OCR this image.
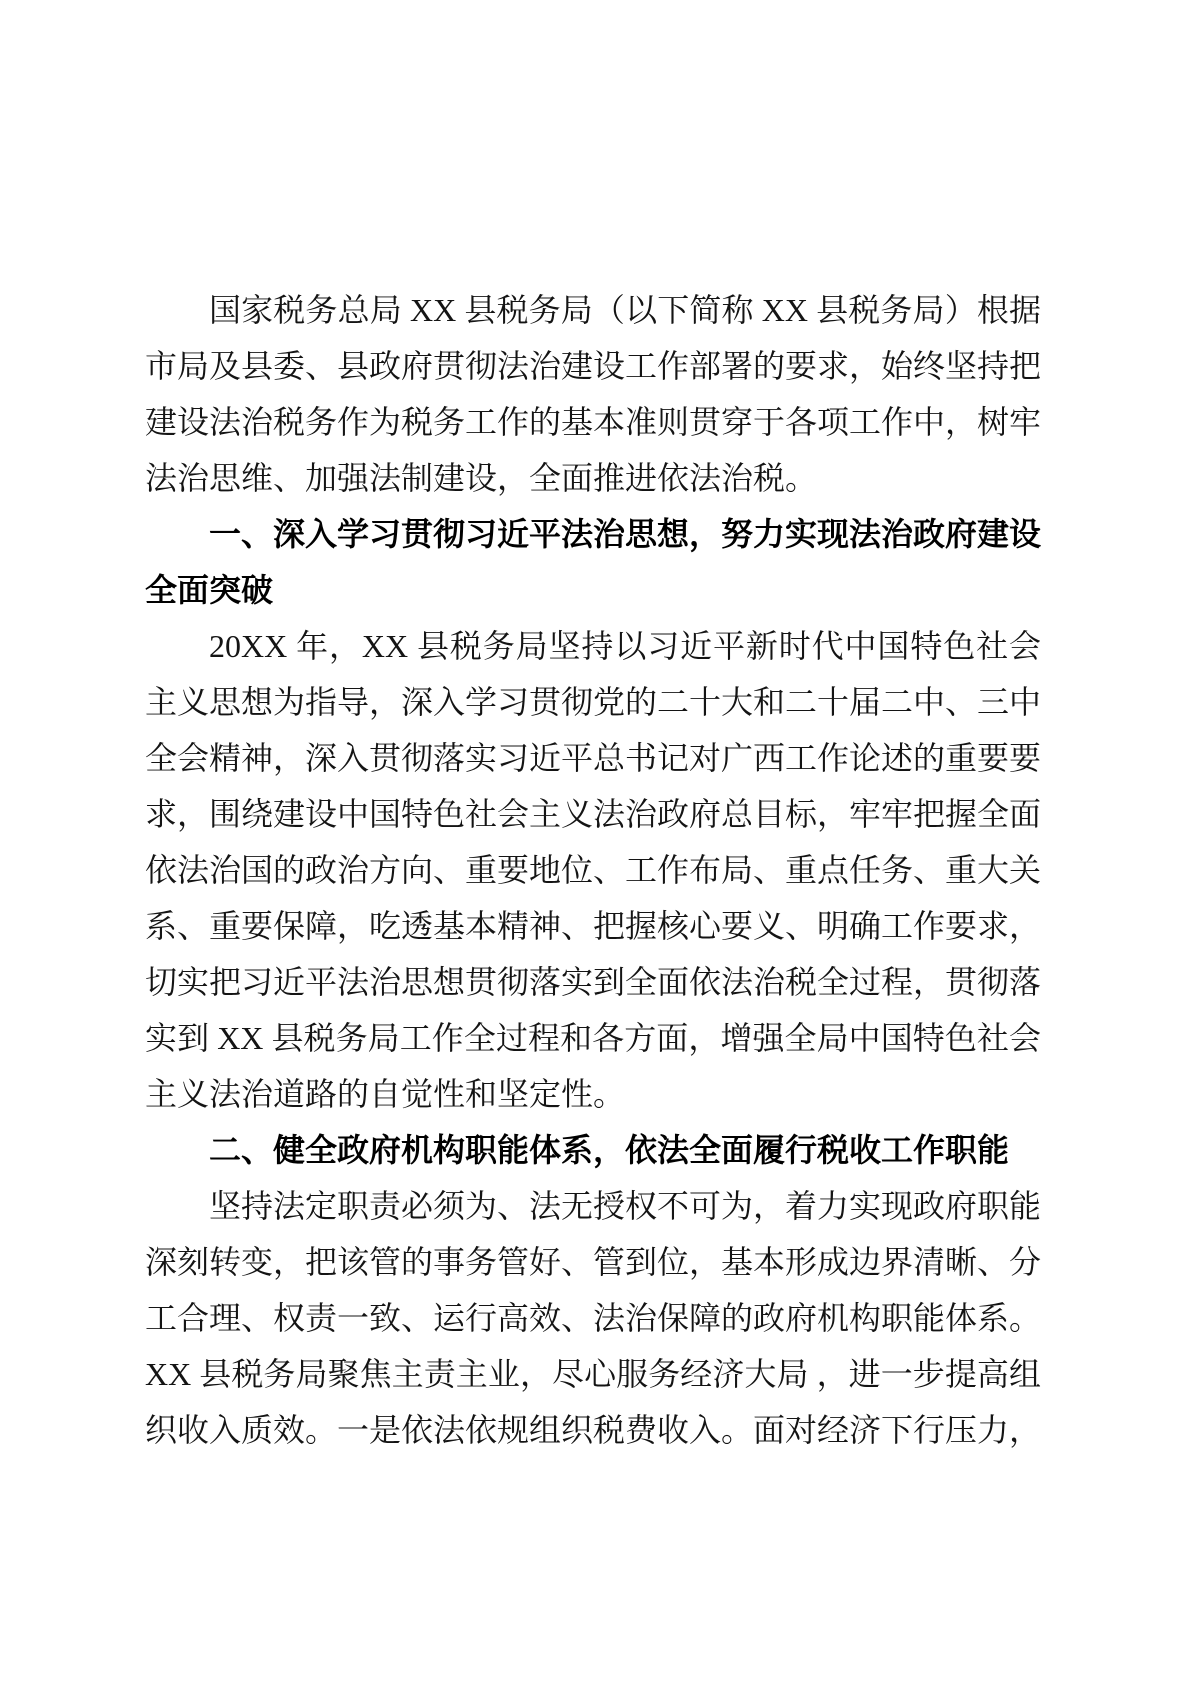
国家税务总局 XX 县税务局（以下简称 XX 县税务局）根据市局及县委、县政府贯彻法治建设工作部署的要求，始终坚持把建设法治税务作为税务工作的基本准则贯穿于各项工作中，树牢法治思维、加强法制建设，全面推进依法治税。

一、深入学习贯彻习近平法治思想，努力实现法治政府建设全面突破

20XX 年，XX 县税务局坚持以习近平新时代中国特色社会主义思想为指导，深入学习贯彻党的二十大和二十届二中、三中全会精神，深入贯彻落实习近平总书记对广西工作论述的重要要求，围绕建设中国特色社会主义法治政府总目标，牢牢把握全面依法治国的政治方向、重要地位、工作布局、重点任务、重大关系、重要保障，吃透基本精神、把握核心要义、明确工作要求，切实把习近平法治思想贯彻落实到全面依法治税全过程，贯彻落实到 XX 县税务局工作全过程和各方面，增强全局中国特色社会主义法治道路的自觉性和坚定性。

二、健全政府机构职能体系，依法全面履行税收工作职能

坚持法定职责必须为、法无授权不可为，着力实现政府职能深刻转变，把该管的事务管好、管到位，基本形成边界清晰、分工合理、权责一致、运行高效、法治保障的政府机构职能体系。XX 县税务局聚焦主责主业，尽心服务经济大局 ，进一步提高组织收入质效。一是依法依规组织税费收入。面对经济下行压力，
